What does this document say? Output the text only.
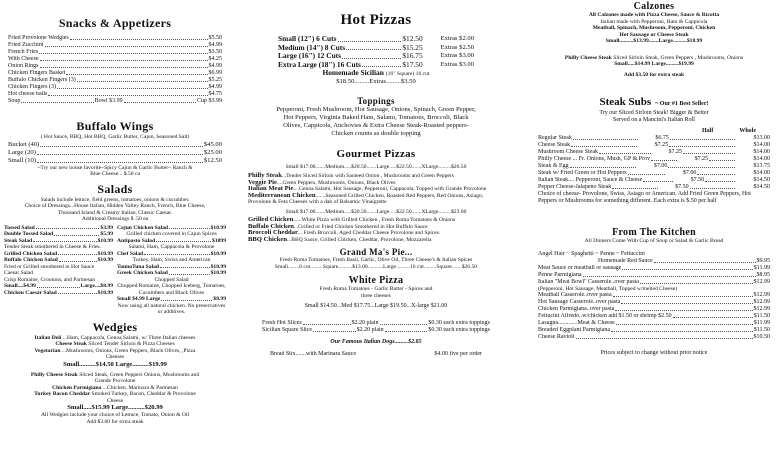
Snacks & Appetizers
Fried Provolone Wedgies	$5.50
Fried Zucchini	$4.99
French Fries	$3.50
With Cheese	$4.25
Onion Rings	$4.99
Chicken Fingers Basket	$6.99
Buffalo Chicken Fingers (3)	$5.25
Chicken Fingers (3)	$4.99
Hot cheese balls	$4.75
Soup	Bowl $3.99	Cup $3.99
Buffalo Wings
( Hot Sauce, BBQ, Hot BBQ, Garlic Butter, Cajun, Seasoned Salt)
Bucket (40)	$45.00
Large (20)	$25.00
Small (10)	$12.50
~Try our new house favorite~Spicy Cajun & Garlic Butter~ Ranch & Blue Cheese... $.50 ca
Salads
Salads include lettuce, field greens, tomatoes, onions & cucumber.
Choice of Dressings...House Italian, Hidden Valley Ranch, French, Blue Cheese, Thousand Island & Creamy Italian, Classic Caesar.
Additional Dressings $ .50 ea
Tossed Salad	$3.99
Double Tossed Salad	$5.99
Steak Salad	$10.99
Tender Steak smothered in Cheese & Fries.
Grilled Chicken Salad	$10.99
Buffalo Chicken Salad	$10.99
Fried or Grilled smothered in Hot Sauce
Caesar Salad
Crisp Romaine, Croutons, and Parmesan
Small....$4.99	Large....$8.99
Chicken Caesar Salad	$10.99
Cajun Chicken Salad	$10.99
Grilled chicken covered in Cajun Spices
Antipasto Salad	$1099
Salami, Ham, Cappacola & Provolone
Chef Salad	$10.99
Turkey, Ham, Swiss and American
TonnoTuna Salad	$10.99
Greek Chicken Salad	$10.99
Chopped Salad
Chopped Romaine, Chopped Iceberg, Tomatoes, Cucumbers and Black Olives
Small $4.99 Large	$8.99
Now using all natural chicken. No preservatives or additives.
Wedgies
Italian Deli ...Ham, Cappacola, Genoa Salami, w/ Three Italian cheeses
Cheese Steak Sliced Tender Sirloin & Pizza Cheeses
Vegetarian ...Mushrooms, Onions, Green Peppers, Black Olives, ,Pizza Cheeses
Small..........$14.50 Large..........$19.99
Philly Cheese Steak Sliced Steak, Green Peppers Onions, Mushrooms and Grande Provolone
Chicken Parmigiana ...Chicken, Marinara & Parmesan
Turkey Bacon Cheddar Smoked Turkey, Bacon, Cheddar & Provolone Cheese
Small.....$15.99 Large..........$20.99
All Wedgies include your choice of Lettuce, Tomato, Onion & Oil
Add $3.00 for extra steak
Hot Pizzas
Small (12") 6 Cuts	$12.50	Extras $2.00
Medium (14") 8 Cuts	$15.25	Extras $2.50
Large (16") 12 Cuts	$16.75	Extras $3.00
Extra Large (18") 16 Cuts	$17.50	Extras $3.00
Homemade Sicilian (16" Square) 16 cut
$18.50.........Extras.........$3.50
Toppings
Pepperoni, Fresh Mushroom, Hot Sausage, Onions, Spinach, Green Pepper, Hot Peppers, Virginia Baked Ham, Salami, Tomatoes, Broccoli, Black Olives, Cappicola, Anchovies & Extra Cheese Steak-Roasted peppers-Chicken counts as double topping
Gourmet Pizzas
Small $17.00.......Medium.....$20.50.......Large.....$22.50.......XLarge.........$26.50
Philly Steak...Tender Sliced Sirloin with Sauteed Onion , Mushrooms and Green Peppers
Veggie Pie....Green Peppers, Mushrooms, Onions, Black Olives
Italian Meat Pie....Genoa Salami, Hot Sausage, Pepperoni, Cappacola, Topped with Grande Provolone
Mediterranean Chicken.......Seasoned Grilled Chicken, Roasted Red Peppers, Red Onions, Asiago, Provolone & Feta Cheeses with a dab of Balsamic Vinaigrette
Small $17.00.......Medium.....$20.50.......Large.....$22.50.......XLarge.........$23.00
Grilled Chicken......White Pizza with Grilled Chicken , Fresh Roma Tomatoes & Onions
Buffalo Chicken...Grilled or Fried Chicken Smothered in Hot Buffalo Sauce
Broccoli Cheddar... Fresh Broccoli, Aged Cheddar Cheese Provolone and Spices.
BBQ Chicken...BBQ Sauce, Grilled Chicken, Cheddar, Provolone, Mozzarella
Grand Ma's Pie...
Fresh Roma Tomatoes, Fresh Basil, Garlic, Olive Oil, Three Cheese's & Italian Spices
Small........8 cut.........Square..........$13.00...........Large..........16 cut.........Square.......$26.50
White Pizza
Fresh Roma Tomatoes - Garlic Butter - Spices and three cheeses
Small $14.50...Med $17.75...Large $19.50...X-large $21.00
Fresh Hot Slices	$2.20 plain	$0.30 each extra toppings
Sicilian Square Slice	$2.20 plain	$0.30 each extra toppings
Our Famous Italian Dogs.........$2.85
Bread Stix.......with Marinara Sauce	$4.00 five per order
Calzones
All Calzones made with Pizza Cheese, Sauce & Ricotta
Italian made with Pepperoni, Ham & Cappicola
Meatball, Spinach, Mushroom, Pepperoni, Chicken
Hot Sausage or Cheese Steak
Small..........$13.99.......Large..........$18.99
Philly Cheese Steak Sliced Sirloin Steak, Green Peppers , Mushrooms, Onions
Small.....$14.99 Large.........$19.99
Add $3.50 for extra steak
Steak Subs ~ Our #1 Best Seller!
Try our Sliced Sirloin Steak! Bigger & Better
Served on a Mancini's Italian Roll
Half	Whole
Regular Steak	$6.75	$13.00
Cheese Steak	$7.25	$14.00
Mushroom Cheese Steak	$7.25	$14.00
Philly Cheese ... Fr. Onions, Mush, GP & Prov	$7.25	$14.00
Steak & Egg	$7.00	$13.75
Steak w/ Fried Green or Hot Peppers	$7.00	$14.00
Italian Steak.... Pepperoni, Sauce & Cheese	$7.50	$14.50
Pepper Cheese-Jalapeno Steak	$7.50	$14.50
Choice of cheese- Provolone, Swiss, Asiago or American. Add Fried Green Peppers, Hot Peppers or Mushrooms for something different. Each extra is $.50 per half
From The Kitchen
All Dinners Come With Cup of Soup or Salad & Garlic Bread
Angel Hair ~ Spaghetti ~ Penne ~ Fettuccini
Homemade Red Sauce	$9.95
Meat Sauce or meatball or sausage	$11.99
Penne Parmigiana	$8.95
Italian "Meat Bowl" Casserole..over pasta	$12.99
(Pepperoni, Hot Sausage, Meatball, Topped w/melted Cheese)
Meatball Casserole..over pasta	$12.99
Hot Sausage Casserole..over pasta	$12.99
Chicken Parmigiana..over pasta	$12.99
Fettucini Alfredo..w/chicken add $1.50 or shrimp $2.50	$11.50
Lasagna.............Meat & Cheese	$11.99
Breaded Eggplant Parmigiana	$11.50
Cheese Ravioli	$10.50
Prices subject to change without prior notice
